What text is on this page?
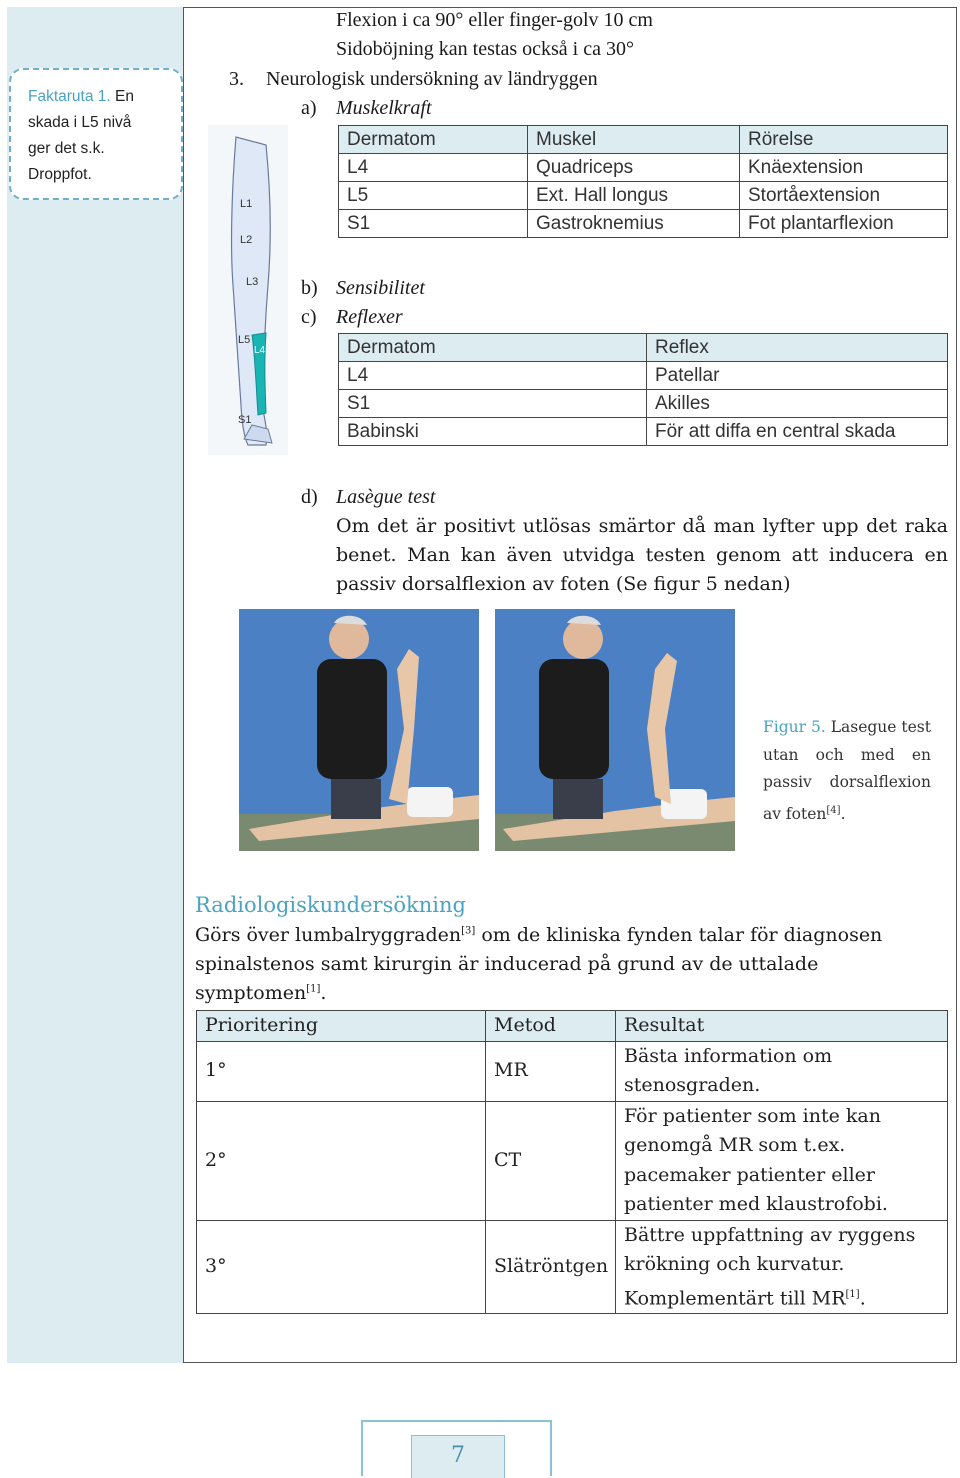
Faktaruta 1. En
skada i L5 nivå
ger det s.k.
Droppfot.
Flexion i ca 90° eller finger-golv 10 cm
Sidoböjning kan testas också i ca 30°
3. Neurologisk undersökning av ländryggen
a) Muskelkraft
Dermatom	Muskel	Rörelse
L4	Quadriceps	Knäextension
L5	Ext. Hall longus	Stortåextension
S1	Gastroknemius	Fot plantarflexion
L1
L2
L3
L5
L4
S1
b) Sensibilitet
c) Reflexer
Dermatom	Reflex
L4	Patellar
S1	Akilles
Babinski	För att diffa en central skada
d) Lasègue test
Om det är positivt utlösas smärtor då man lyfter upp det raka
benet. Man kan även utvidga testen genom att inducera en
passiv dorsalflexion av foten (Se figur 5 nedan)
Figur 5. Lasegue test utan och med en passiv dorsalflexion av foten[4].
Radiologiskundersökning
Görs över lumbalryggraden[3] om de kliniska fynden talar för diagnosen
spinalstenos samt kirurgin är inducerad på grund av de uttalade
symptomen[1].
Prioritering	Metod	Resultat
1°	MR	Bästa information om
stenosgraden.

2°	CT	För patienter som inte kan
genomgå MR som t.ex.
pacemaker patienter eller
patienter med klaustrofobi.

3°	Slätröntgen	Bättre uppfattning av ryggens
krökning och kurvatur.
Komplementärt till MR[1].
7
